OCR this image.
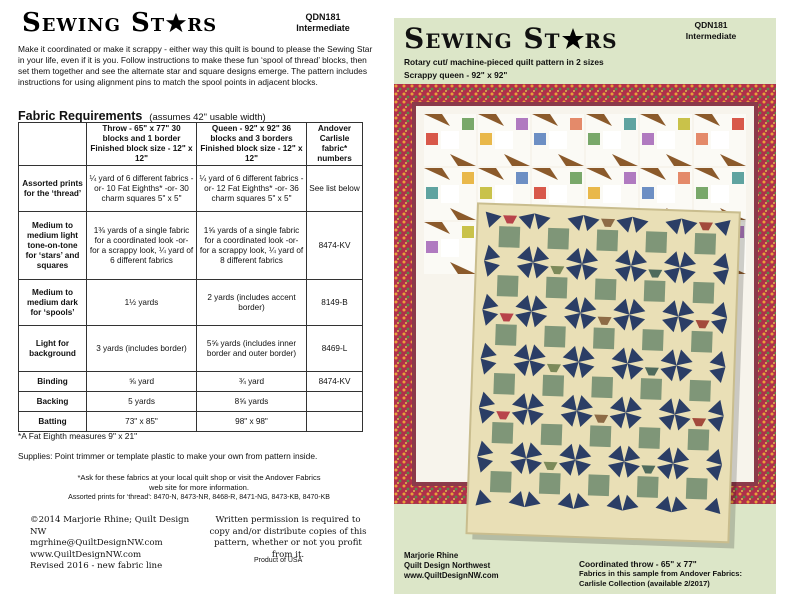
Sewing St rs	QDN181
Intermediate

Make it coordinated or make it scrappy - either way this quilt is bound to please the Sewing Star in your life, even if it is you. Follow instructions to make these fun ‘spool of thread’ blocks, then set them together and see the alternate star and square designs emerge. The pattern includes instructions for using alignment pins to match the spool points in adjacent blocks.

Fabric Requirements (assumes 42" usable width)
	Throw - 65" x 77" 30 blocks and 1 border Finished block size - 12" x 12"	Queen - 92" x 92" 36 blocks and 3 borders Finished block size - 12" x 12"	Andover Carlisle fabric* numbers
Assorted prints for the ‘thread’	¼ yard of 6 different fabrics -or- 10 Fat Eighths* -or- 30 charm squares 5" x 5"	¼ yard of 6 different fabrics -or- 12 Fat Eighths* -or- 36 charm squares 5" x 5"	See list below
Medium to medium light tone-on-tone for ‘stars’ and squares	1⅜ yards of a single fabric for a coordinated look -or- for a scrappy look, ¼ yard of 6 different fabrics	1⅝ yards of a single fabric for a coordinated look -or- for a scrappy look, ¼ yard of 8 different fabrics	8474-KV
Medium to medium dark for ‘spools’	1½ yards	2 yards (includes accent border)	8149-B
Light for background	3 yards (includes border)	5⅝ yards (includes inner border and outer border)	8469-L
Binding	⅝ yard	¾ yard	8474-KV
Backing	5 yards	8⅝ yards	
Batting	73" x 85"	98" x 98"	
*A Fat Eighth measures 9" x 21"
Supplies: Point trimmer or template plastic to make your own from pattern inside.
*Ask for these fabrics at your local quilt shop or visit the Andover Fabrics
web site for more information.
Assorted prints for ‘thread’: 8470-N, 8473-NR, 8468-R, 8471-NG, 8473-KB, 8470-KB
©2014 Marjorie Rhine; Quilt Design NW
mgrhine@QuiltDesignNW.com
www.QuiltDesignNW.com
Revised 2016 - new fabric line
Written permission is required to copy and/or distribute copies of this pattern, whether or not you profit from it.
Product of USA
QDN181
Intermediate
Sewing St rs
Rotary cut/ machine-pieced quilt pattern in 2 sizes
Scrappy queen - 92" x 92"
Marjorie Rhine
Quilt Design Northwest
www.QuiltDesignNW.com
Coordinated throw - 65" x 77"
Fabrics in this sample from Andover Fabrics:
Carlisle Collection (available 2/2017)
